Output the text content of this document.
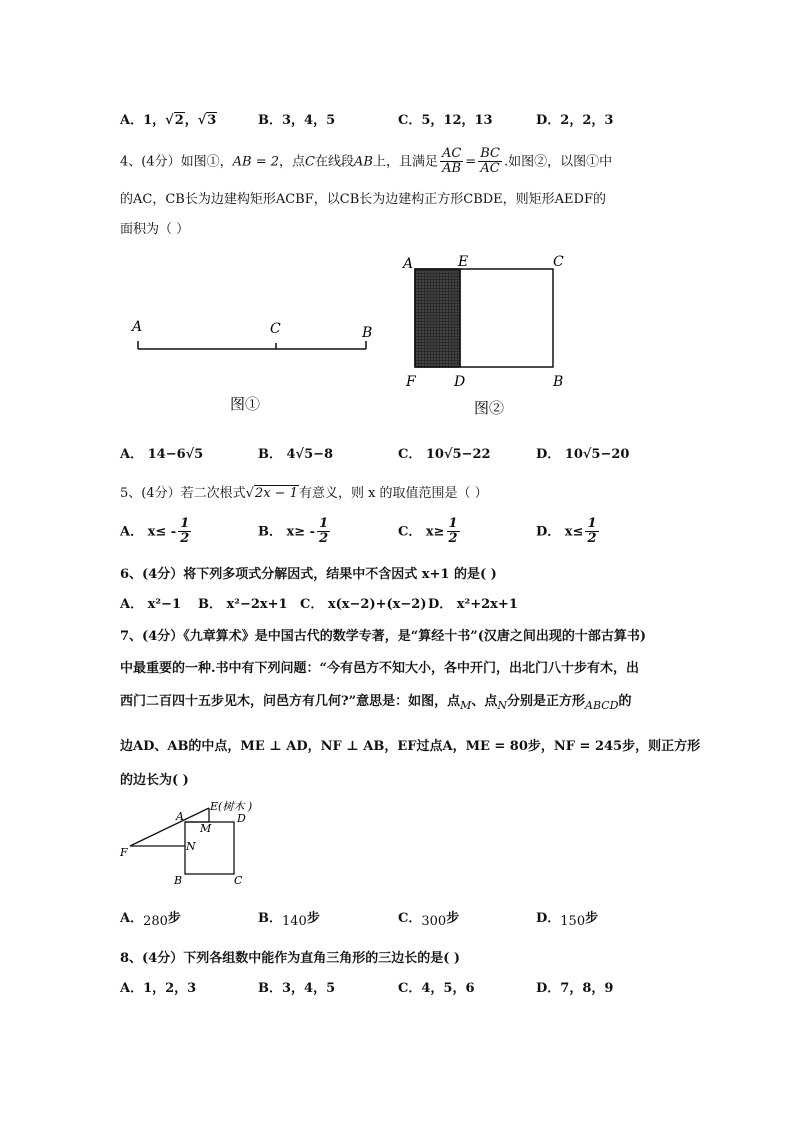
A．1，√2，√3	B．3，4，5	C．5，12，13	D．2，2，3
4、(4分）如图①，AB = 2，点C在线段AB上，且满足 $\frac{AC}{AB} = \frac{BC}{AC}$ .如图②，以图①中
的AC，CB长为边建构矩形ACBF，以CB长为边建构正方形CBDE，则矩形AEDF的
面积为（ ）
A	C	B
图①
A	E	C
F	D	B
图②
A． 14−6√5	B． 4√5−8	C． 10√5−22	D． 10√5−20
5、(4分）若二次根式√2x − 1有意义，则 x 的取值范围是（ ）
A． $x\le - \frac{1}{2}$	B． $x\ge - \frac{1}{2}$	C． $x\ge \frac{1}{2}$	D． $x\le \frac{1}{2}$
6、(4分）将下列多项式分解因式，结果中不含因式 x+1 的是( )
A． x²−1 B． x²−2x+1 C． x(x−2)+(x−2) D． x²+2x+1
7、(4分）《九章算术》是中国古代的数学专著，是“算经十书”(汉唐之间出现的十部古算书)
中最重要的一种.书中有下列问题：“今有邑方不知大小，各中开门，出北门八十步有木，出
西门二百四十五步见木，问邑方有几何?”意思是：如图，点$_M$、点$_N$分别是正方形$_{ABCD}$的
边AD、AB的中点，ME ⊥ AD，NF ⊥ AB，EF过点A，ME = 80步，NF = 245步，则正方形
的边长为( )
E(树木 )
A	D
M
N
F
B	C
A．280步	B．140步	C．300步	D．150步
8、(4分）下列各组数中能作为直角三角形的三边长的是( )
A．1，2，3	B．3，4，5	C．4，5，6	D．7，8，9
